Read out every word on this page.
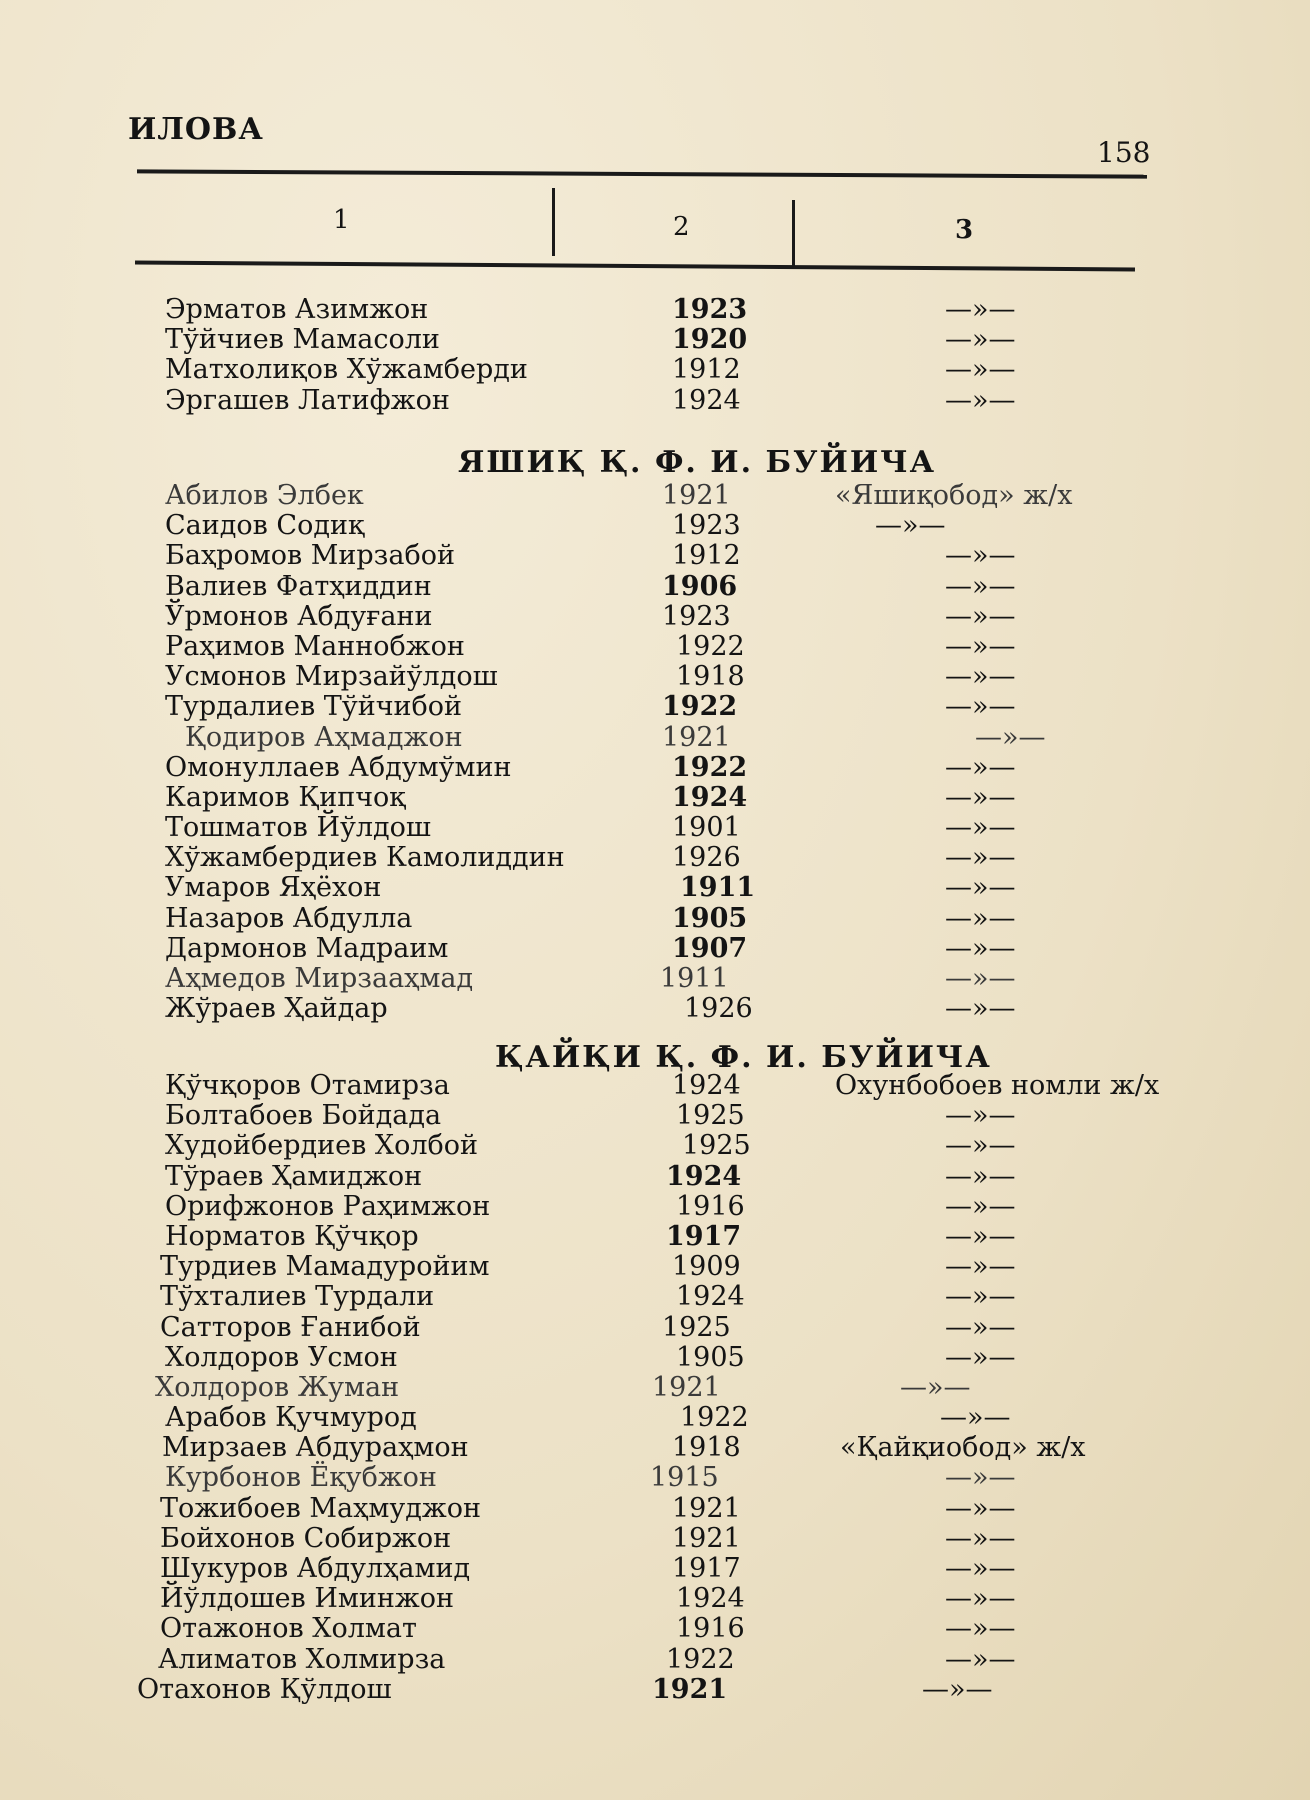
ИЛОВА
158
1	2	3
Эрматов Азимжон	1923	—»—
Тўйчиев Мамасоли	1920	—»—
Матхолиқов Хўжамберди	1912	—»—
Эргашев Латифжон	1924	—»—
ЯШИҚ Қ. Ф. И. БУЙИЧА
Абилов Элбек	1921	«Яшиқобод» ж/х
Саидов Содиқ	1923	—»—
Баҳромов Мирзабой	1912	—»—
Валиев Фатҳиддин	1906	—»—
Ўрмонов Абдуғани	1923	—»—
Раҳимов Маннобжон	1922	—»—
Усмонов Мирзайўлдош	1918	—»—
Турдалиев Тўйчибой	1922	—»—
Қодиров Аҳмаджон	1921	—»—
Омонуллаев Абдумўмин	1922	—»—
Каримов Қипчоқ	1924	—»—
Тошматов Йўлдош	1901	—»—
Хўжамбердиев Камолиддин	1926	—»—
Умаров Яҳёхон	1911	—»—
Назаров Абдулла	1905	—»—
Дармонов Мадраим	1907	—»—
Аҳмедов Мирзааҳмад	1911	—»—
Жўраев Ҳайдар	1926	—»—
ҚАЙҚИ Қ. Ф. И. БУЙИЧА
Қўчқоров Отамирза	1924	Охунбобоев номли ж/х
Болтабоев Бойдада	1925	—»—
Худойбердиев Холбой	1925	—»—
Тўраев Ҳамиджон	1924	—»—
Орифжонов Раҳимжон	1916	—»—
Норматов Қўчқор	1917	—»—
Турдиев Мамадуройим	1909	—»—
Тўхталиев Турдали	1924	—»—
Сатторов Ғанибой	1925	—»—
Холдоров Усмон	1905	—»—
Холдоров Жуман	1921	—»—
Арабов Қучмурод	1922	—»—
Мирзаев Абдураҳмон	1918	«Қайқиобод» ж/х
Курбонов Ёқубжон	1915	—»—
Тожибоев Маҳмуджон	1921	—»—
Бойхонов Собиржон	1921	—»—
Шукуров Абдулҳамид	1917	—»—
Йўлдошев Иминжон	1924	—»—
Отажонов Холмат	1916	—»—
Алиматов Холмирза	1922	—»—
Отахонов Қўлдош	1921	—»—
